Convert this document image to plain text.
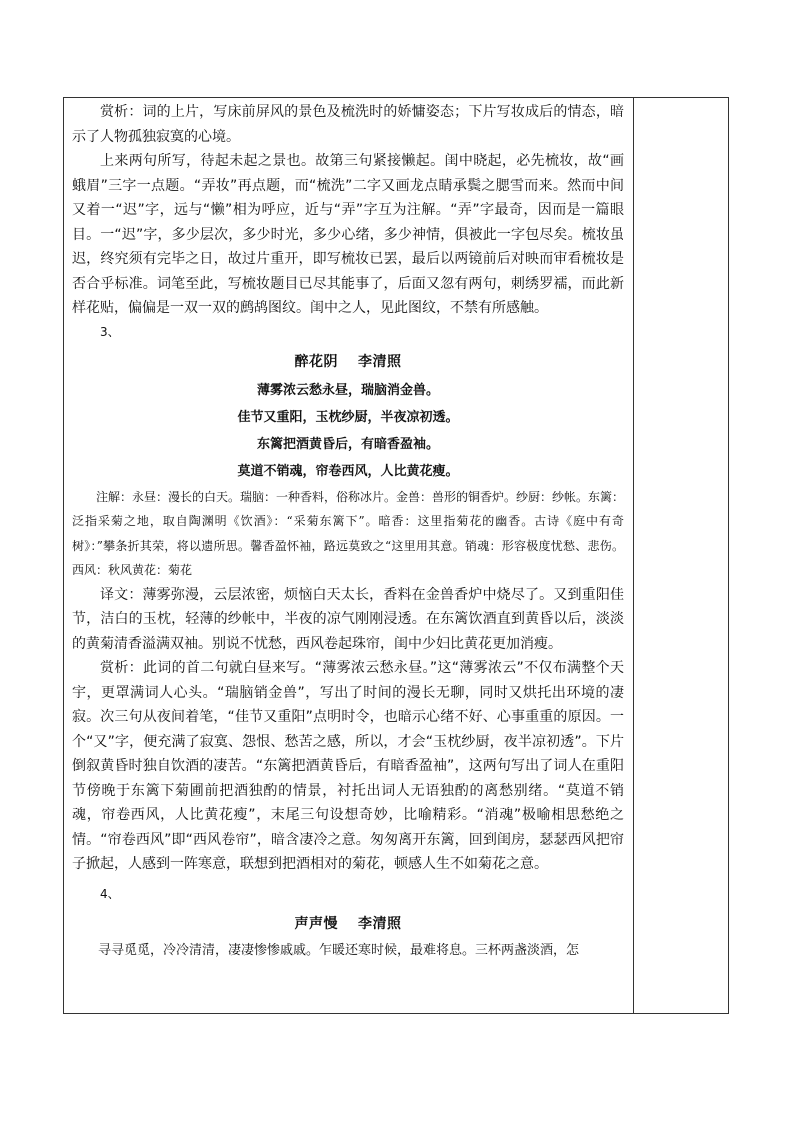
赏析：词的上片，写床前屏风的景色及梳洗时的娇慵姿态；下片写妆成后的情态，暗示了人物孤独寂寞的心境。

上来两句所写，待起未起之景也。故第三句紧接懒起。闺中晓起，必先梳妆，故“画蛾眉”三字一点题。“弄妆”再点题，而“梳洗”二字又画龙点睛承鬓之腮雪而来。然而中间又着一“迟”字，远与“懒”相为呼应，近与“弄”字互为注解。“弄”字最奇，因而是一篇眼目。一“迟”字，多少层次，多少时光，多少心绪，多少神情，俱被此一字包尽矣。梳妆虽迟，终究须有完毕之日，故过片重开，即写梳妆已罢，最后以两镜前后对映而审看梳妆是否合乎标准。词笔至此，写梳妆题目已尽其能事了，后面又忽有两句，刺绣罗襦，而此新样花贴，偏偏是一双一双的鹧鸪图纹。闺中之人，见此图纹，不禁有所感触。

3、
醉花阴 李清照

薄雾浓云愁永昼，瑞脑消金兽。

佳节又重阳，玉枕纱厨，半夜凉初透。

东篱把酒黄昏后，有暗香盈袖。

莫道不销魂，帘卷西风，人比黄花瘦。

注解：永昼：漫长的白天。瑞脑：一种香料，俗称冰片。金兽：兽形的铜香炉。纱厨：纱帐。东篱：泛指采菊之地，取自陶渊明《饮酒》：“采菊东篱下”。暗香：这里指菊花的幽香。古诗《庭中有奇树》：”攀条折其荣，将以遗所思。馨香盈怀袖，路远莫致之“这里用其意。销魂：形容极度忧愁、悲伤。西风：秋风黄花：菊花

译文：薄雾弥漫，云层浓密，烦恼白天太长，香料在金兽香炉中烧尽了。又到重阳佳节，洁白的玉枕，轻薄的纱帐中，半夜的凉气刚刚浸透。在东篱饮酒直到黄昏以后，淡淡的黄菊清香溢满双袖。别说不忧愁，西风卷起珠帘，闺中少妇比黄花更加消瘦。

赏析：此词的首二句就白昼来写。“薄雾浓云愁永昼。”这“薄雾浓云”不仅布满整个天宇，更罩满词人心头。“瑞脑销金兽”，写出了时间的漫长无聊，同时又烘托出环境的凄寂。次三句从夜间着笔，“佳节又重阳”点明时令，也暗示心绪不好、心事重重的原因。一个“又”字，便充满了寂寞、怨恨、愁苦之感，所以，才会“玉枕纱厨，夜半凉初透”。下片倒叙黄昏时独自饮酒的凄苦。“东篱把酒黄昏后，有暗香盈袖”，这两句写出了词人在重阳节傍晚于东篱下菊圃前把酒独酌的情景，衬托出词人无语独酌的离愁别绪。“莫道不销魂，帘卷西风，人比黄花瘦”，末尾三句设想奇妙，比喻精彩。“消魂”极喻相思愁绝之情。“帘卷西风”即“西风卷帘”，暗含凄冷之意。匆匆离开东篱，回到闺房，瑟瑟西风把帘子掀起，人感到一阵寒意，联想到把酒相对的菊花，顿感人生不如菊花之意。

4、
声声慢 李清照
寻寻觅觅，冷冷清清，凄凄惨惨戚戚。乍暖还寒时候，最难将息。三杯两盏淡酒，怎
